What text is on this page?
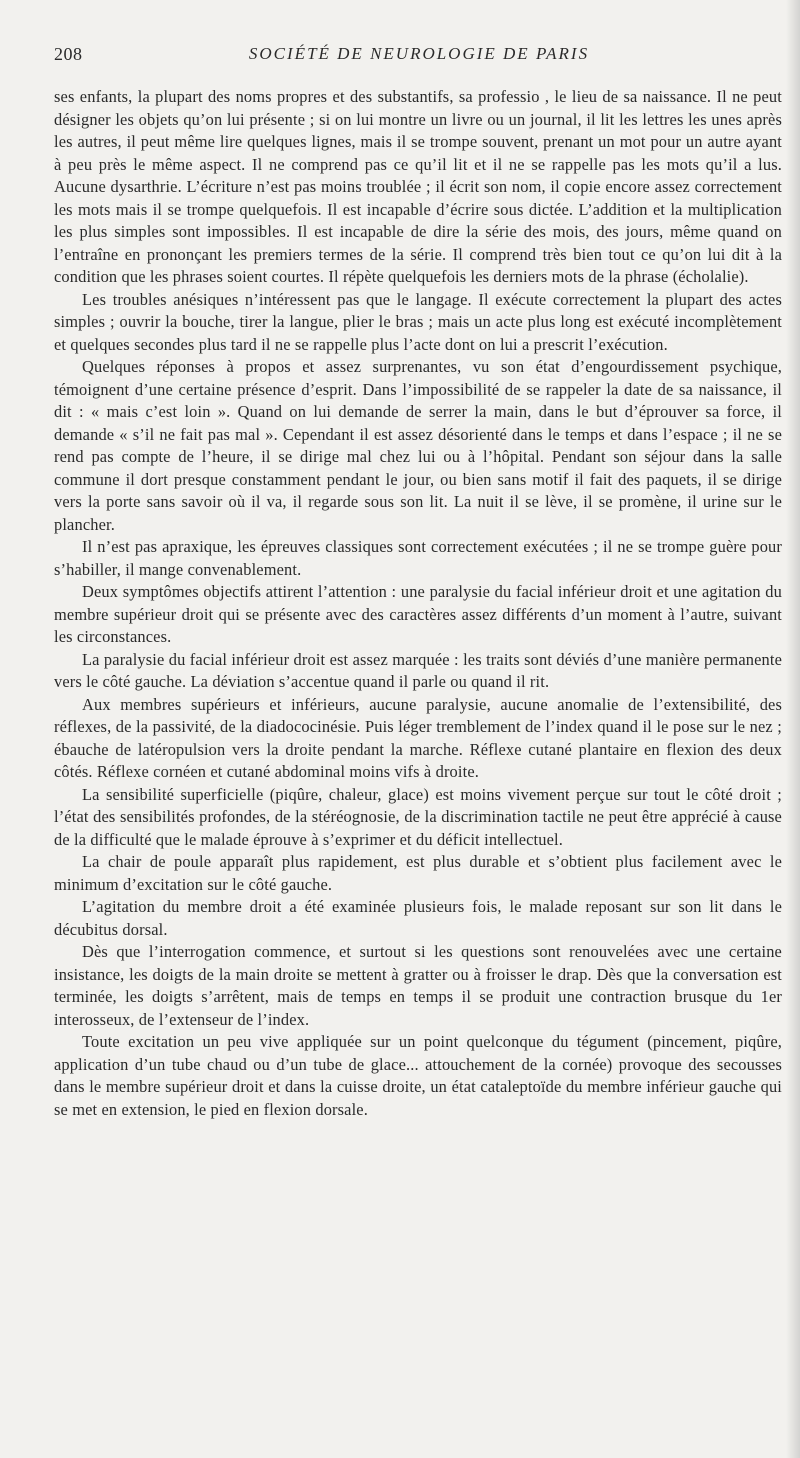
208	SOCIÉTÉ DE NEUROLOGIE DE PARIS

ses enfants, la plupart des noms propres et des substantifs, sa professio , le lieu de sa naissance. Il ne peut désigner les objets qu’on lui présente ; si on lui montre un livre ou un journal, il lit les lettres les unes après les autres, il peut même lire quelques lignes, mais il se trompe souvent, prenant un mot pour un autre ayant à peu près le même aspect. Il ne comprend pas ce qu’il lit et il ne se rappelle pas les mots qu’il a lus. Aucune dysarthrie. L’écriture n’est pas moins troublée ; il écrit son nom, il copie encore assez correctement les mots mais il se trompe quelquefois. Il est incapable d’écrire sous dictée. L’addition et la multiplication les plus simples sont impossibles. Il est incapable de dire la série des mois, des jours, même quand on l’entraîne en prononçant les premiers termes de la série. Il comprend très bien tout ce qu’on lui dit à la condition que les phrases soient courtes. Il répète quelquefois les derniers mots de la phrase (écholalie).

Les troubles anésiques n’intéressent pas que le langage. Il exécute correctement la plupart des actes simples ; ouvrir la bouche, tirer la langue, plier le bras ; mais un acte plus long est exécuté incomplètement et quelques secondes plus tard il ne se rappelle plus l’acte dont on lui a prescrit l’exécution.

Quelques réponses à propos et assez surprenantes, vu son état d’engourdissement psychique, témoignent d’une certaine présence d’esprit. Dans l’impossibilité de se rappeler la date de sa naissance, il dit : « mais c’est loin ». Quand on lui demande de serrer la main, dans le but d’éprouver sa force, il demande « s’il ne fait pas mal ». Cependant il est assez désorienté dans le temps et dans l’espace ; il ne se rend pas compte de l’heure, il se dirige mal chez lui ou à l’hôpital. Pendant son séjour dans la salle commune il dort presque constamment pendant le jour, ou bien sans motif il fait des paquets, il se dirige vers la porte sans savoir où il va, il regarde sous son lit. La nuit il se lève, il se promène, il urine sur le plancher.

Il n’est pas apraxique, les épreuves classiques sont correctement exécutées ; il ne se trompe guère pour s’habiller, il mange convenablement.

Deux symptômes objectifs attirent l’attention : une paralysie du facial inférieur droit et une agitation du membre supérieur droit qui se présente avec des caractères assez différents d’un moment à l’autre, suivant les circonstances.

La paralysie du facial inférieur droit est assez marquée : les traits sont déviés d’une manière permanente vers le côté gauche. La déviation s’accentue quand il parle ou quand il rit.

Aux membres supérieurs et inférieurs, aucune paralysie, aucune anomalie de l’extensibilité, des réflexes, de la passivité, de la diadococinésie. Puis léger tremblement de l’index quand il le pose sur le nez ; ébauche de latéropulsion vers la droite pendant la marche. Réflexe cutané plantaire en flexion des deux côtés. Réflexe cornéen et cutané abdominal moins vifs à droite.

La sensibilité superficielle (piqûre, chaleur, glace) est moins vivement perçue sur tout le côté droit ; l’état des sensibilités profondes, de la stéréognosie, de la discrimination tactile ne peut être apprécié à cause de la difficulté que le malade éprouve à s’exprimer et du déficit intellectuel.

La chair de poule apparaît plus rapidement, est plus durable et s’obtient plus facilement avec le minimum d’excitation sur le côté gauche.

L’agitation du membre droit a été examinée plusieurs fois, le malade reposant sur son lit dans le décubitus dorsal.

Dès que l’interrogation commence, et surtout si les questions sont renouvelées avec une certaine insistance, les doigts de la main droite se mettent à gratter ou à froisser le drap. Dès que la conversation est terminée, les doigts s’arrêtent, mais de temps en temps il se produit une contraction brusque du 1er interosseux, de l’extenseur de l’index.

Toute excitation un peu vive appliquée sur un point quelconque du tégument (pincement, piqûre, application d’un tube chaud ou d’un tube de glace... attouchement de la cornée) provoque des secousses dans le membre supérieur droit et dans la cuisse droite, un état cataleptoïde du membre inférieur gauche qui se met en extension, le pied en flexion dorsale.
